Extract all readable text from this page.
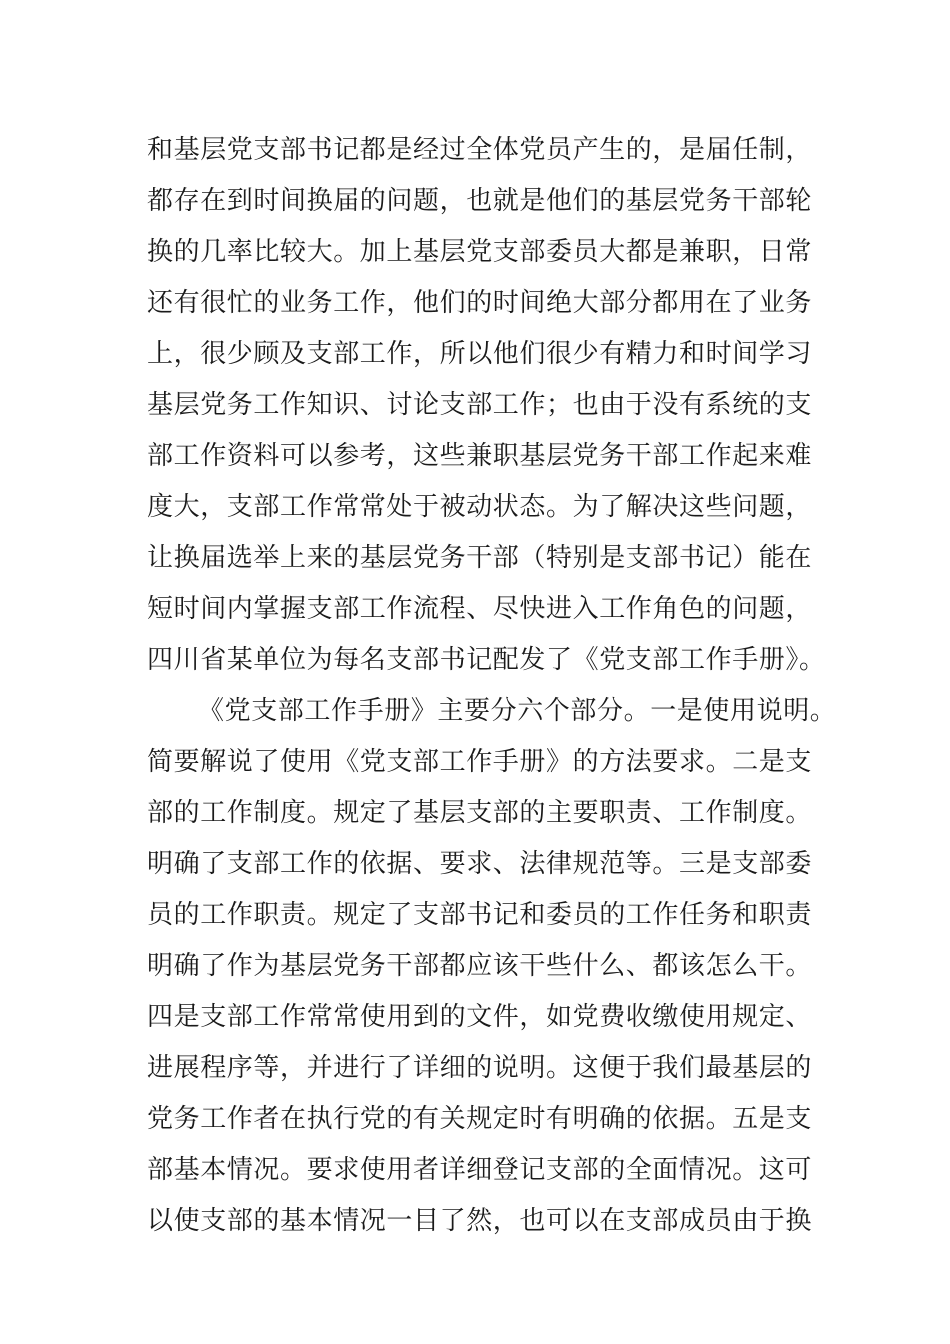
和基层党支部书记都是经过全体党员产生的，是届任制，
都存在到时间换届的问题，也就是他们的基层党务干部轮
换的几率比较大。加上基层党支部委员大都是兼职，日常
还有很忙的业务工作，他们的时间绝大部分都用在了业务
上，很少顾及支部工作，所以他们很少有精力和时间学习
基层党务工作知识、讨论支部工作；也由于没有系统的支
部工作资料可以参考，这些兼职基层党务干部工作起来难
度大，支部工作常常处于被动状态。为了解决这些问题，
让换届选举上来的基层党务干部（特别是支部书记）能在
短时间内掌握支部工作流程、尽快进入工作角色的问题，
四川省某单位为每名支部书记配发了《党支部工作手册》。
《党支部工作手册》主要分六个部分。一是使用说明。
简要解说了使用《党支部工作手册》的方法要求。二是支
部的工作制度。规定了基层支部的主要职责、工作制度。
明确了支部工作的依据、要求、法律规范等。三是支部委
员的工作职责。规定了支部书记和委员的工作任务和职责
明确了作为基层党务干部都应该干些什么、都该怎么干。
四是支部工作常常使用到的文件，如党费收缴使用规定、
进展程序等，并进行了详细的说明。这便于我们最基层的
党务工作者在执行党的有关规定时有明确的依据。五是支
部基本情况。要求使用者详细登记支部的全面情况。这可
以使支部的基本情况一目了然，也可以在支部成员由于换
